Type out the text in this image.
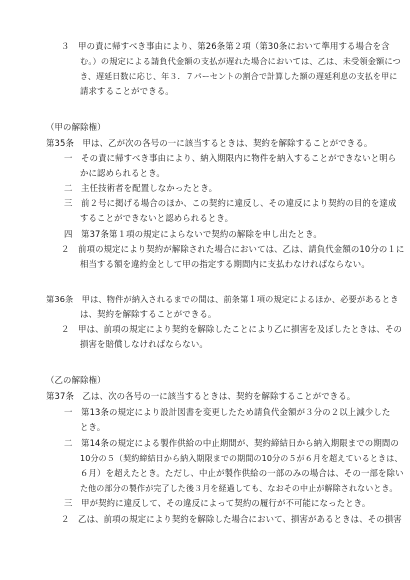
３　甲の責に帰すべき事由により、第26条第２項（第30条において準用する場合を含
む。）の規定による請負代金額の支払が遅れた場合においては、乙は、未受領金額につ
き、遅延日数に応じ、年３．７パーセントの割合で計算した額の遅延利息の支払を甲に
請求することができる。
（甲の解除権）
第35条　甲は、乙が次の各号の一に該当するときは、契約を解除することができる。
一　その責に帰すべき事由により、納入期限内に物件を納入することができないと明ら
かに認められるとき。
二　主任技術者を配置しなかったとき。
三　前２号に掲げる場合のほか、この契約に違反し、その違反により契約の目的を達成
することができないと認められるとき。
四　第37条第１項の規定によらないで契約の解除を申し出たとき。
２　前項の規定により契約が解除された場合においては、乙は、請負代金額の10分の１に
相当する額を違約金として甲の指定する期間内に支払わなければならない。
第36条　甲は、物件が納入されるまでの間は、前条第１項の規定によるほか、必要があるとき
は、契約を解除することができる。
２　甲は、前項の規定により契約を解除したことにより乙に損害を及ぼしたときは、その
損害を賠償しなければならない。
（乙の解除権）
第37条　乙は、次の各号の一に該当するときは、契約を解除することができる。
一　第13条の規定により設計図書を変更したため請負代金額が３分の２以上減少した
とき。
二　第14条の規定による製作供給の中止期間が、契約締結日から納入期限までの期間の
10分の５（契約締結日から納入期限までの期間の10分の５が６月を超えているときは、
６月）を超えたとき。ただし、中止が製作供給の一部のみの場合は、その一部を除い
た他の部分の製作が完了した後３月を経過しても、なおその中止が解除されないとき。
三　甲が契約に違反して、その違反によって契約の履行が不可能になったとき。
２　乙は、前項の規定により契約を解除した場合において、損害があるときは、その損害
